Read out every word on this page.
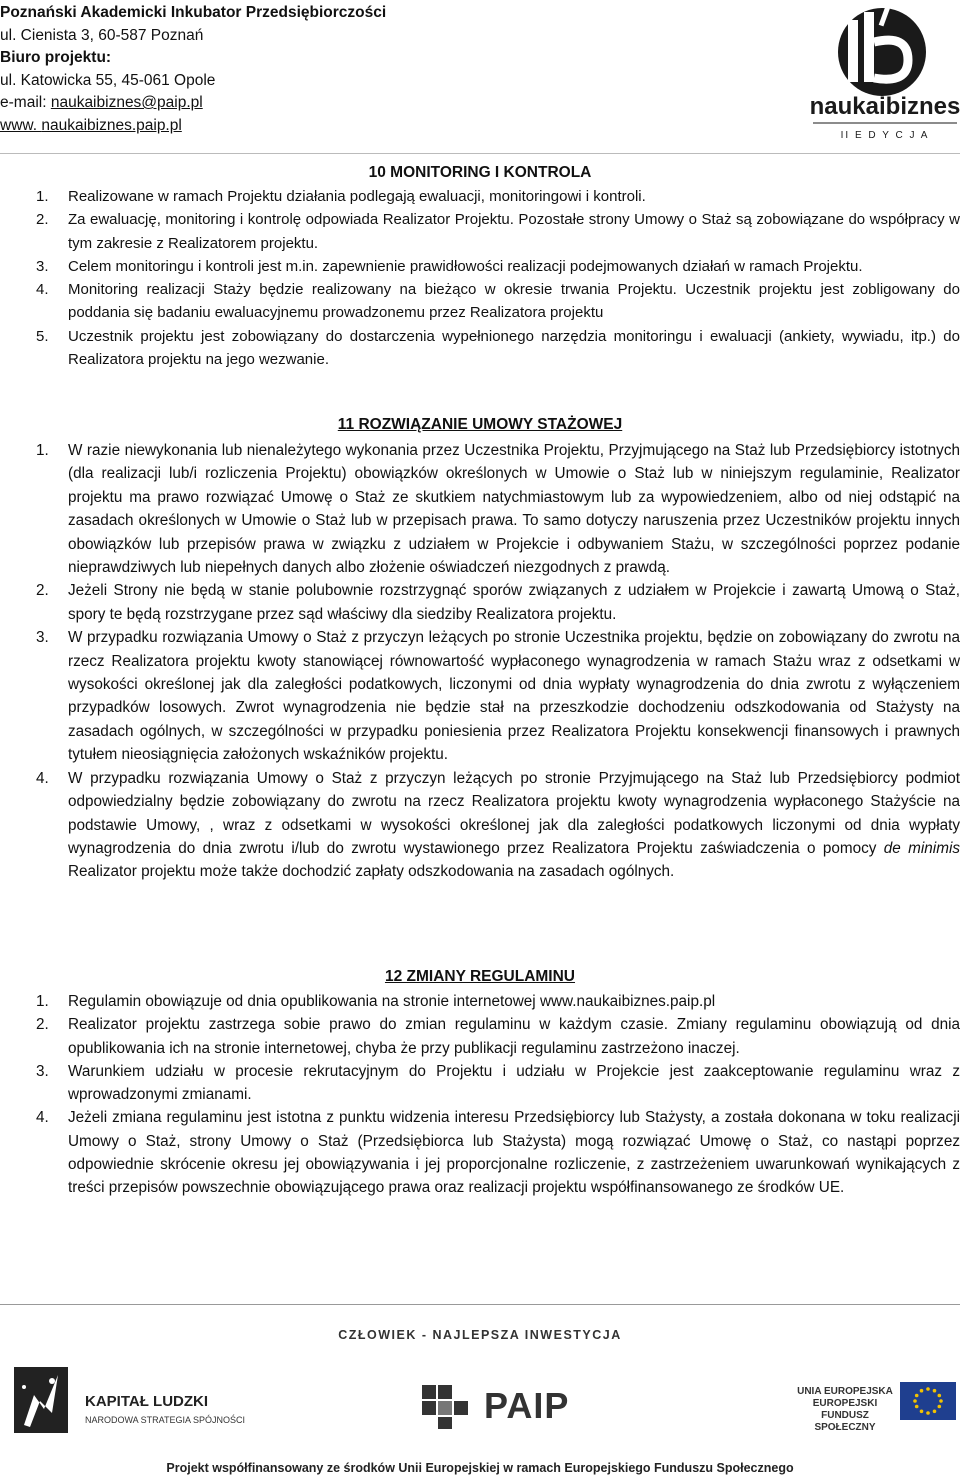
Poznański Akademicki Inkubator Przedsiębiorczości
ul. Cienista 3, 60-587 Poznań
Biuro projektu:
ul. Katowicka 55, 45-061 Opole
e-mail: naukaibiznes@paip.pl
www. naukaibiznes.paip.pl
naukaibiznes
II E D Y C J A
10 MONITORING I KONTROLA
1.	Realizowane w ramach Projektu działania podlegają ewaluacji, monitoringowi i kontroli.
2.	Za ewaluację, monitoring i kontrolę odpowiada Realizator Projektu. Pozostałe strony Umowy o Staż są zobowiązane do współpracy w tym zakresie z Realizatorem projektu.
3.	Celem monitoringu i kontroli jest m.in. zapewnienie prawidłowości realizacji podejmowanych działań w ramach Projektu.
4.	Monitoring realizacji Staży będzie realizowany na bieżąco w okresie trwania Projektu. Uczestnik projektu jest zobligowany do poddania się badaniu ewaluacyjnemu prowadzonemu przez Realizatora projektu
5.	Uczestnik projektu jest zobowiązany do dostarczenia wypełnionego narzędzia monitoringu i ewaluacji (ankiety, wywiadu, itp.) do Realizatora projektu na jego wezwanie.
11 ROZWIĄZANIE UMOWY STAŻOWEJ
1.	W razie niewykonania lub nienależytego wykonania przez Uczestnika Projektu, Przyjmującego na Staż lub Przedsiębiorcy istotnych (dla realizacji lub/i rozliczenia Projektu) obowiązków określonych w Umowie o Staż lub w niniejszym regulaminie, Realizator projektu ma prawo rozwiązać Umowę o Staż ze skutkiem natychmiastowym lub za wypowiedzeniem, albo od niej odstąpić na zasadach określonych w Umowie o Staż lub w przepisach prawa. To samo dotyczy naruszenia przez Uczestników projektu innych obowiązków lub przepisów prawa w związku z udziałem w Projekcie i odbywaniem Stażu, w szczególności poprzez podanie nieprawdziwych lub niepełnych danych albo złożenie oświadczeń niezgodnych z prawdą.
2.	Jeżeli Strony nie będą w stanie polubownie rozstrzygnąć sporów związanych z udziałem w Projekcie i zawartą Umową o Staż, spory te będą rozstrzygane przez sąd właściwy dla siedziby Realizatora projektu.
3.	W przypadku rozwiązania Umowy o Staż z przyczyn leżących po stronie Uczestnika projektu, będzie on zobowiązany do zwrotu na rzecz Realizatora projektu kwoty stanowiącej równowartość wypłaconego wynagrodzenia w ramach Stażu wraz z odsetkami w wysokości określonej jak dla zaległości podatkowych, liczonymi od dnia wypłaty wynagrodzenia do dnia zwrotu z wyłączeniem przypadków losowych. Zwrot wynagrodzenia nie będzie stał na przeszkodzie dochodzeniu odszkodowania od Stażysty na zasadach ogólnych, w szczególności w przypadku poniesienia przez Realizatora Projektu konsekwencji finansowych i prawnych tytułem nieosiągnięcia założonych wskaźników projektu.
4.	W przypadku rozwiązania Umowy o Staż z przyczyn leżących po stronie Przyjmującego na Staż lub Przedsiębiorcy podmiot odpowiedzialny będzie zobowiązany do zwrotu na rzecz Realizatora projektu kwoty wynagrodzenia wypłaconego Stażyście na podstawie Umowy, , wraz z odsetkami w wysokości określonej jak dla zaległości podatkowych liczonymi od dnia wypłaty wynagrodzenia do dnia zwrotu i/lub do zwrotu wystawionego przez Realizatora Projektu zaświadczenia o pomocy de minimis Realizator projektu może także dochodzić zapłaty odszkodowania na zasadach ogólnych.
12 ZMIANY REGULAMINU
1.	Regulamin obowiązuje od dnia opublikowania na stronie internetowej www.naukaibiznes.paip.pl
2.	Realizator projektu zastrzega sobie prawo do zmian regulaminu w każdym czasie. Zmiany regulaminu obowiązują od dnia opublikowania ich na stronie internetowej, chyba że przy publikacji regulaminu zastrzeżono inaczej.
3.	Warunkiem udziału w procesie rekrutacyjnym do Projektu i udziału w Projekcie jest zaakceptowanie regulaminu wraz z wprowadzonymi zmianami.
4.	Jeżeli zmiana regulaminu jest istotna z punktu widzenia interesu Przedsiębiorcy lub Stażysty, a została dokonana w toku realizacji Umowy o Staż, strony Umowy o Staż (Przedsiębiorca lub Stażysta) mogą rozwiązać Umowę o Staż, co nastąpi poprzez odpowiednie skrócenie okresu jej obowiązywania i jej proporcjonalne rozliczenie, z zastrzeżeniem uwarunkowań wynikających z treści przepisów powszechnie obowiązującego prawa oraz realizacji projektu współfinansowanego ze środków UE.
CZŁOWIEK - NAJLEPSZA INWESTYCJA
KAPITAŁ LUDZKI
NARODOWA STRATEGIA SPÓJNOŚCI	PAIP	UNIA EUROPEJSKA
EUROPEJSKI
FUNDUSZ SPOŁECZNY
Projekt współfinansowany ze środków Unii Europejskiej w ramach Europejskiego Funduszu Społecznego
